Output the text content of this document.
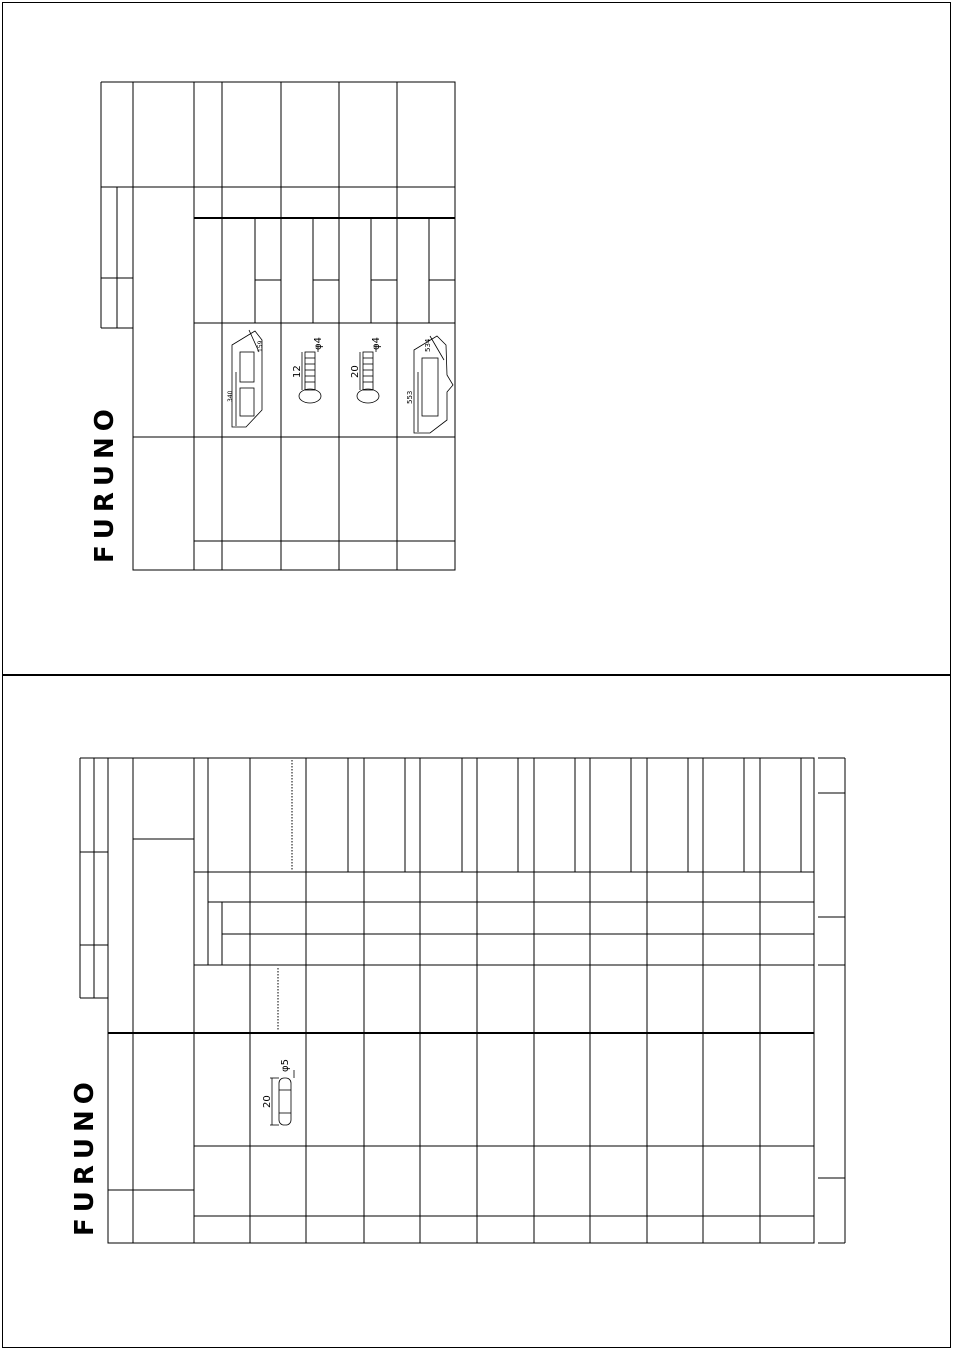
159
340
12
φ4
20
φ4	534
553
FURUNO
20
φ5
FURUNO
